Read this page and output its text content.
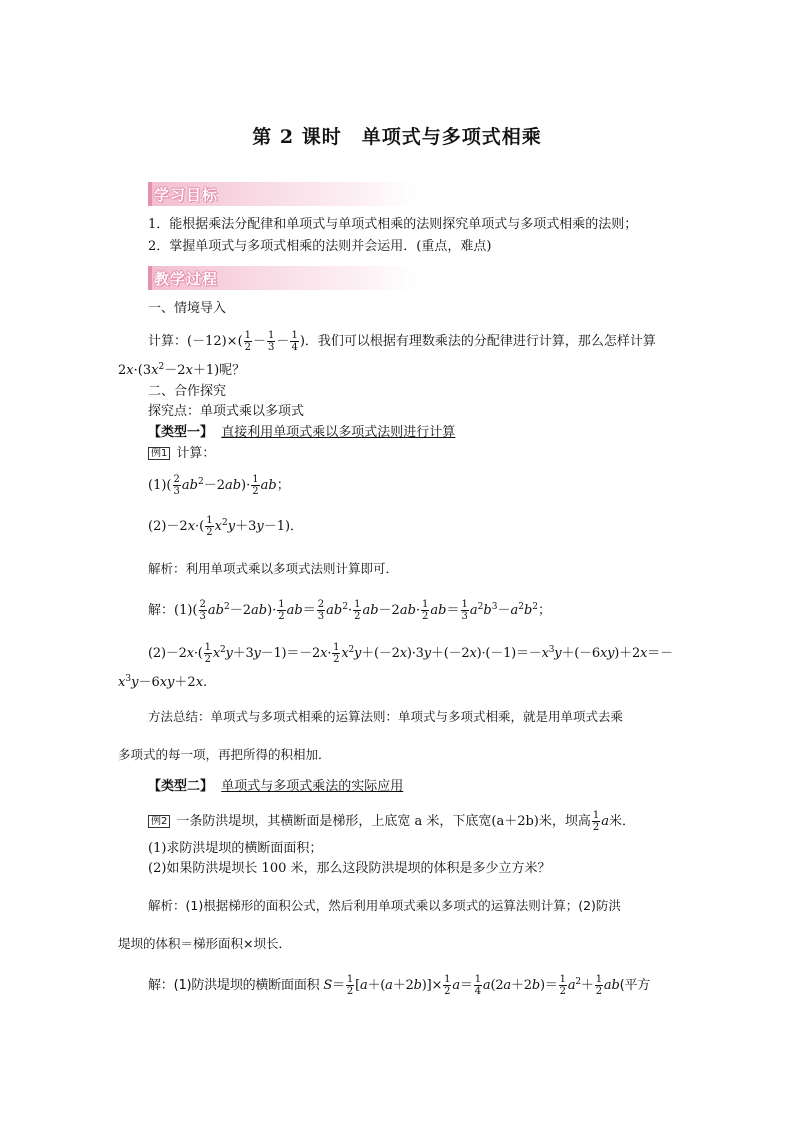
第 2 课时　单项式与多项式相乘
学习目标
1．能根据乘法分配律和单项式与单项式相乘的法则探究单项式与多项式相乘的法则；
2．掌握单项式与多项式相乘的法则并会运用．(重点，难点)
教学过程
一、情境导入
计算：$(-12)\times( \frac{1}{2} - \frac{1}{3} - \frac{1}{4}$ )．我们可以根据有理数乘法的分配律进行计算，那么怎样计算
$2x\cdot(3x^2-2x+1)$呢？
二、合作探究
探究点：单项式乘以多项式
【类型一】 直接利用单项式乘以多项式法则进行计算
例1 计算：
$(1)( \frac{2}{3} ab^2-2ab)\cdot \frac{1}{2}$ ab；
$(2)-2x\cdot( \frac{1}{2} x^2y+3y-1)$．
解析：利用单项式乘以多项式法则计算即可．
解：$(1)( \frac{2}{3} ab^2-2ab)\cdot \frac{1}{2} ab= \frac{2}{3} ab^2\cdot \frac{1}{2} ab-2ab\cdot \frac{1}{2} ab= \frac{1}{3} a^2b^3-a^2b^2$；
$(2)-2x\cdot( \frac{1}{2} x^2y+3y-1)=-2x\cdot \frac{1}{2} x^2y+(-2x)\cdot 3y+(-2x)\cdot(-1)=-x^3y+(-6xy)+2x=-$
$x^3y-6xy+2x$.
方法总结：单项式与多项式相乘的运算法则：单项式与多项式相乘，就是用单项式去乘
多项式的每一项，再把所得的积相加．
【类型二】 单项式与多项式乘法的实际应用
例2 一条防洪堤坝，其横断面是梯形，上底宽 a 米，下底宽(a＋2b)米，坝高 $\frac{1}{2}$ a米．
(1)求防洪堤坝的横断面面积；
(2)如果防洪堤坝长 100 米，那么这段防洪堤坝的体积是多少立方米？
解析：(1)根据梯形的面积公式，然后利用单项式乘以多项式的运算法则计算；(2)防洪
堤坝的体积＝梯形面积×坝长．
解：(1)防洪堤坝的横断面面积 $S= \frac{1}{2} [a+(a+2b)]\times \frac{1}{2} a= \frac{1}{4} a(2a+2b)= \frac{1}{2} a^2+ \frac{1}{2} ab$(平方
